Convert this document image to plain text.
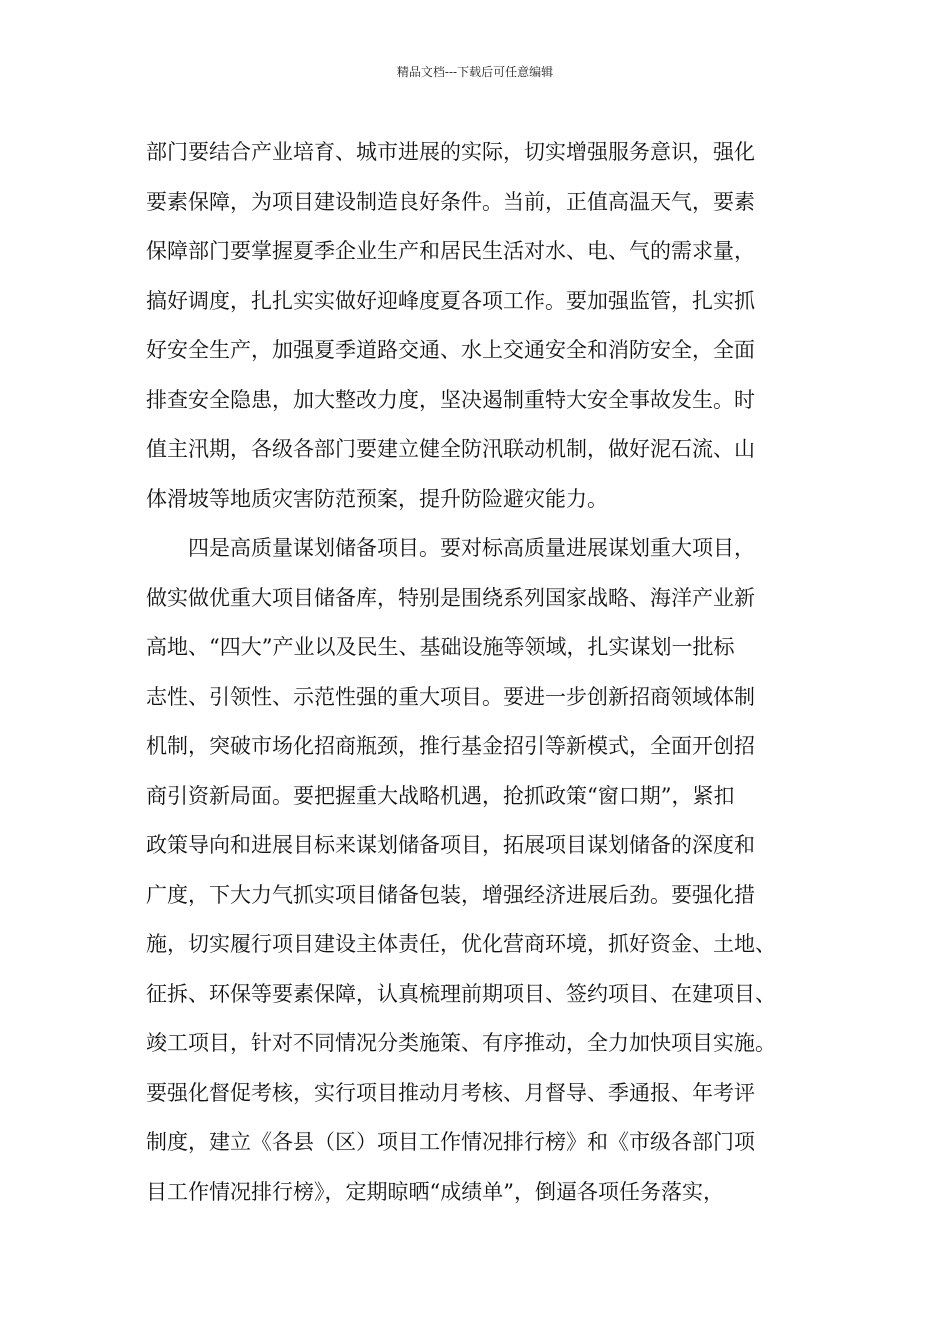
精品文档---下载后可任意编辑
部门要结合产业培育、城市进展的实际，切实增强服务意识，强化
要素保障，为项目建设制造良好条件。当前，正值高温天气，要素
保障部门要掌握夏季企业生产和居民生活对水、电、气的需求量，
搞好调度，扎扎实实做好迎峰度夏各项工作。要加强监管，扎实抓
好安全生产，加强夏季道路交通、水上交通安全和消防安全，全面
排查安全隐患，加大整改力度，坚决遏制重特大安全事故发生。时
值主汛期，各级各部门要建立健全防汛联动机制，做好泥石流、山
体滑坡等地质灾害防范预案，提升防险避灾能力。
四是高质量谋划储备项目。要对标高质量进展谋划重大项目，
做实做优重大项目储备库，特别是围绕系列国家战略、海洋产业新
高地、“四大”产业以及民生、基础设施等领域，扎实谋划一批标
志性、引领性、示范性强的重大项目。要进一步创新招商领域体制
机制，突破市场化招商瓶颈，推行基金招引等新模式，全面开创招
商引资新局面。要把握重大战略机遇，抢抓政策“窗口期”，紧扣
政策导向和进展目标来谋划储备项目，拓展项目谋划储备的深度和
广度，下大力气抓实项目储备包装，增强经济进展后劲。要强化措
施，切实履行项目建设主体责任，优化营商环境，抓好资金、土地、
征拆、环保等要素保障，认真梳理前期项目、签约项目、在建项目、
竣工项目，针对不同情况分类施策、有序推动，全力加快项目实施。
要强化督促考核，实行项目推动月考核、月督导、季通报、年考评
制度，建立《各县（区）项目工作情况排行榜》和《市级各部门项
目工作情况排行榜》，定期晾晒“成绩单”，倒逼各项任务落实，
